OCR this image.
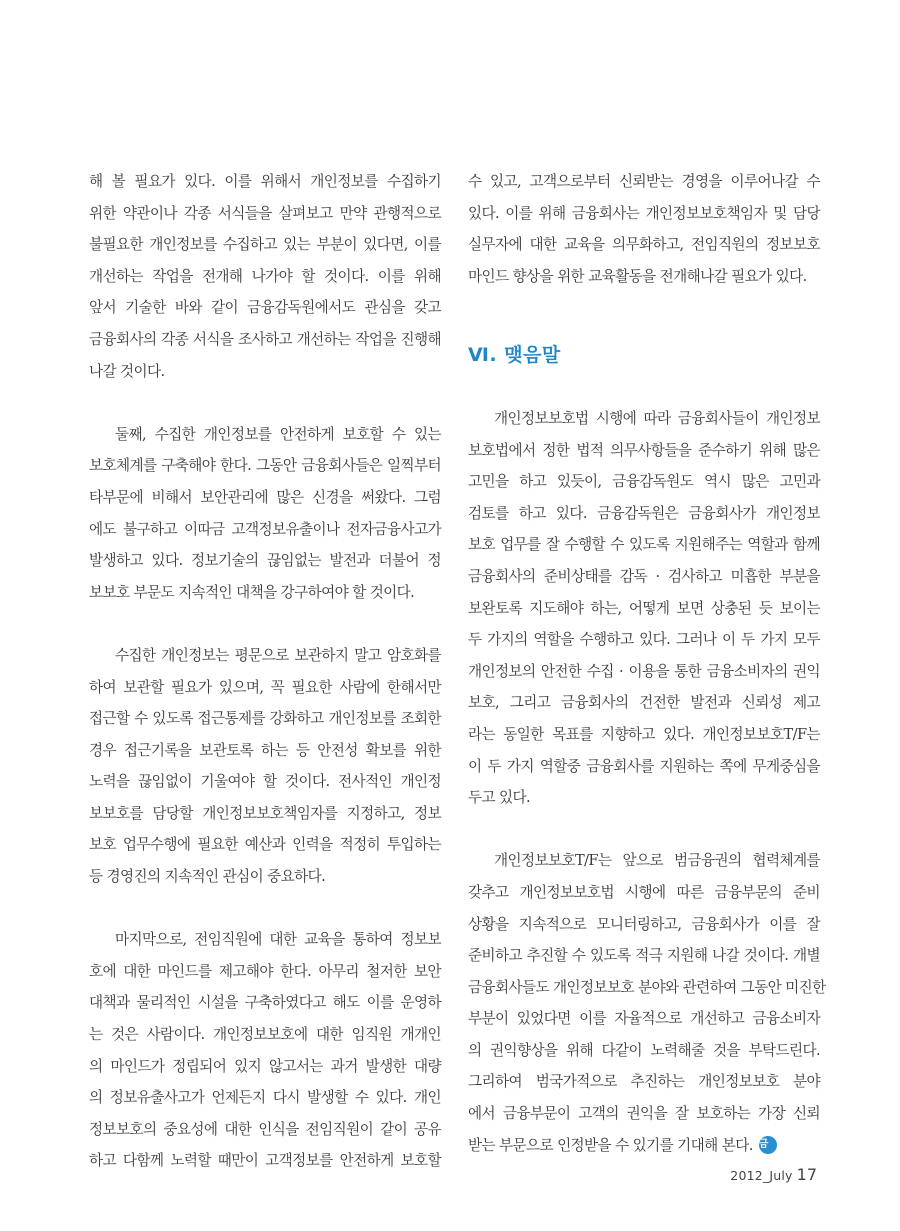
해 볼 필요가 있다. 이를 위해서 개인정보를 수집하기
위한 약관이나 각종 서식들을 살펴보고 만약 관행적으로
불필요한 개인정보를 수집하고 있는 부분이 있다면, 이를
개선하는 작업을 전개해 나가야 할 것이다. 이를 위해
앞서 기술한 바와 같이 금융감독원에서도 관심을 갖고
금융회사의 각종 서식을 조사하고 개선하는 작업을 진행해
나갈 것이다.
둘째, 수집한 개인정보를 안전하게 보호할 수 있는
보호체계를 구축해야 한다. 그동안 금융회사들은 일찍부터
타부문에 비해서 보안관리에 많은 신경을 써왔다. 그럼
에도 불구하고 이따금 고객정보유출이나 전자금융사고가
발생하고 있다. 정보기술의 끊임없는 발전과 더불어 정
보보호 부문도 지속적인 대책을 강구하여야 할 것이다.
수집한 개인정보는 평문으로 보관하지 말고 암호화를
하여 보관할 필요가 있으며, 꼭 필요한 사람에 한해서만
접근할 수 있도록 접근통제를 강화하고 개인정보를 조회한
경우 접근기록을 보관토록 하는 등 안전성 확보를 위한
노력을 끊임없이 기울여야 할 것이다. 전사적인 개인정
보보호를 담당할 개인정보보호책임자를 지정하고, 정보
보호 업무수행에 필요한 예산과 인력을 적정히 투입하는
등 경영진의 지속적인 관심이 중요하다.
마지막으로, 전임직원에 대한 교육을 통하여 정보보
호에 대한 마인드를 제고해야 한다. 아무리 철저한 보안
대책과 물리적인 시설을 구축하였다고 해도 이를 운영하
는 것은 사람이다. 개인정보보호에 대한 임직원 개개인
의 마인드가 정립되어 있지 않고서는 과거 발생한 대량
의 정보유출사고가 언제든지 다시 발생할 수 있다. 개인
정보보호의 중요성에 대한 인식을 전임직원이 같이 공유
하고 다함께 노력할 때만이 고객정보를 안전하게 보호할
수 있고, 고객으로부터 신뢰받는 경영을 이루어나갈 수
있다. 이를 위해 금융회사는 개인정보보호책임자 및 담당
실무자에 대한 교육을 의무화하고, 전임직원의 정보보호
마인드 향상을 위한 교육활동을 전개해나갈 필요가 있다.
Ⅵ. 맺음말
개인정보보호법 시행에 따라 금융회사들이 개인정보
보호법에서 정한 법적 의무사항들을 준수하기 위해 많은
고민을 하고 있듯이, 금융감독원도 역시 많은 고민과
검토를 하고 있다. 금융감독원은 금융회사가 개인정보
보호 업무를 잘 수행할 수 있도록 지원해주는 역할과 함께
금융회사의 준비상태를 감독 · 검사하고 미흡한 부분을
보완토록 지도해야 하는, 어떻게 보면 상충된 듯 보이는
두 가지의 역할을 수행하고 있다. 그러나 이 두 가지 모두
개인정보의 안전한 수집 · 이용을 통한 금융소비자의 권익
보호, 그리고 금융회사의 건전한 발전과 신뢰성 제고
라는 동일한 목표를 지향하고 있다. 개인정보보호T/F는
이 두 가지 역할중 금융회사를 지원하는 쪽에 무게중심을
두고 있다.
개인정보보호T/F는 앞으로 범금융권의 협력체계를
갖추고 개인정보보호법 시행에 따른 금융부문의 준비
상황을 지속적으로 모니터링하고, 금융회사가 이를 잘
준비하고 추진할 수 있도록 적극 지원해 나갈 것이다. 개별
금융회사들도 개인정보보호 분야와 관련하여 그동안 미진한
부분이 있었다면 이를 자율적으로 개선하고 금융소비자
의 권익향상을 위해 다같이 노력해줄 것을 부탁드린다.
그리하여 범국가적으로 추진하는 개인정보보호 분야
에서 금융부문이 고객의 권익을 잘 보호하는 가장 신뢰
받는 부문으로 인정받을 수 있기를 기대해 본다. 금
2012_July 17
